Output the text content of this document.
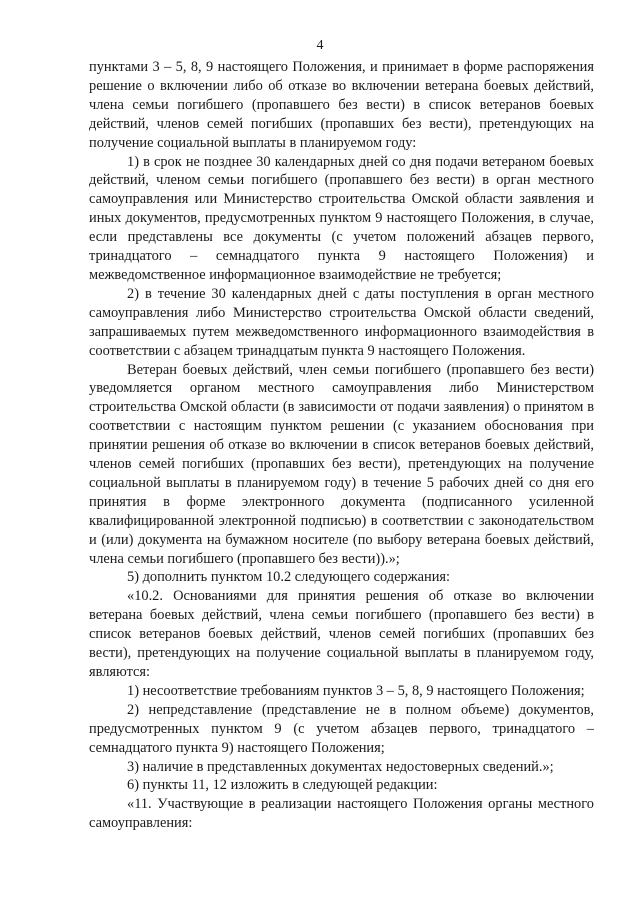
4

пунктами 3 – 5, 8, 9 настоящего Положения, и принимает в форме распоряжения решение о включении либо об отказе во включении ветерана боевых действий, члена семьи погибшего (пропавшего без вести) в список ветеранов боевых действий, членов семей погибших (пропавших без вести), претендующих на получение социальной выплаты в планируемом году:

1) в срок не позднее 30 календарных дней со дня подачи ветераном боевых действий, членом семьи погибшего (пропавшего без вести) в орган местного самоуправления или Министерство строительства Омской области заявления и иных документов, предусмотренных пунктом 9 настоящего Положения, в случае, если представлены все документы (с учетом положений абзацев первого, тринадцатого – семнадцатого пункта 9 настоящего Положения) и межведомственное информационное взаимодействие не требуется;

2) в течение 30 календарных дней с даты поступления в орган местного самоуправления либо Министерство строительства Омской области сведений, запрашиваемых путем межведомственного информационного взаимодействия в соответствии с абзацем тринадцатым пункта 9 настоящего Положения.

Ветеран боевых действий, член семьи погибшего (пропавшего без вести) уведомляется органом местного самоуправления либо Министерством строительства Омской области (в зависимости от подачи заявления) о принятом в соответствии с настоящим пунктом решении (с указанием обоснования при принятии решения об отказе во включении в список ветеранов боевых действий, членов семей погибших (пропавших без вести), претендующих на получение социальной выплаты в планируемом году) в течение 5 рабочих дней со дня его принятия в форме электронного документа (подписанного усиленной квалифицированной электронной подписью) в соответствии с законодательством и (или) документа на бумажном носителе (по выбору ветерана боевых действий, члена семьи погибшего (пропавшего без вести)).»;

5) дополнить пунктом 10.2 следующего содержания:

«10.2. Основаниями для принятия решения об отказе во включении ветерана боевых действий, члена семьи погибшего (пропавшего без вести) в список ветеранов боевых действий, членов семей погибших (пропавших без вести), претендующих на получение социальной выплаты в планируемом году, являются:

1) несоответствие требованиям пунктов 3 – 5, 8, 9 настоящего Положения;

2) непредставление (представление не в полном объеме) документов, предусмотренных пунктом 9 (с учетом абзацев первого, тринадцатого – семнадцатого пункта 9) настоящего Положения;

3) наличие в представленных документах недостоверных сведений.»;

6) пункты 11, 12 изложить в следующей редакции:

«11. Участвующие в реализации настоящего Положения органы местного самоуправления:
